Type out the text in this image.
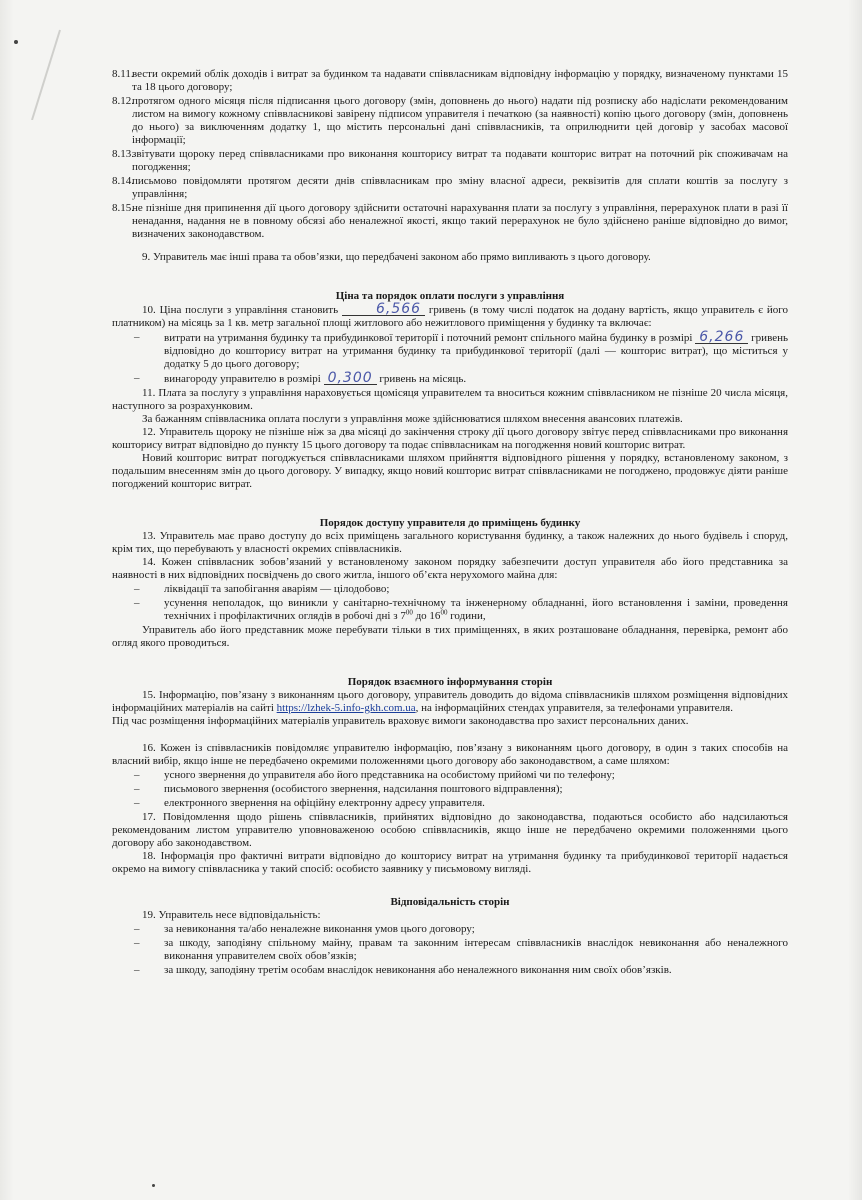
8.11.
вести окремий облік доходів і витрат за будинком та надавати співвласникам відповідну інформацію у порядку, визначеному пунктами 15 та 18 цього договору;
8.12.
протягом одного місяця після підписання цього договору (змін, доповнень до нього) надати під розписку або надіслати рекомендованим листом на вимогу кожному співвласникові завірену підписом управителя і печаткою (за наявності) копію цього договору (змін, доповнень до нього) за виключенням додатку 1, що містить персональні дані співвласників, та оприлюднити цей договір у засобах масової інформації;
8.13.
звітувати щороку перед співвласниками про виконання кошторису витрат та подавати кошторис витрат на поточний рік споживачам на погодження;
8.14.
письмово повідомляти протягом десяти днів співвласникам про зміну власної адреси, реквізитів для сплати коштів за послугу з управління;
8.15.
не пізніше дня припинення дії цього договору здійснити остаточні нарахування плати за послугу з управління, перерахунок плати в разі її ненадання, надання не в повному обсязі або неналежної якості, якщо такий перерахунок не було здійснено раніше відповідно до вимог, визначених законодавством.

9. Управитель має інші права та обов’язки, що передбачені законом або прямо випливають з цього договору.

Ціна та порядок оплати послуги з управління

10. Ціна послуги з управління становить	6,566 гривень (в тому числі податок на додану вартість, якщо управитель є його платником) на місяць за 1 кв. метр загальної площі житлового або нежитлового приміщення у будинку та включає:

– витрати на утримання будинку та прибудинкової території і поточний ремонт спільного майна будинку в розмірі 6,266 гривень відповідно до кошторису витрат на утримання будинку та прибудинкової території (далі — кошторис витрат), що міститься у додатку 5 до цього договору;
– винагороду управителю в розмірі 0,300 гривень на місяць.

11. Плата за послугу з управління нараховується щомісяця управителем та вноситься кожним співвласником не пізніше 20 числа місяця, наступного за розрахунковим.

За бажанням співвласника оплата послуги з управління може здійснюватися шляхом внесення авансових платежів.

12. Управитель щороку не пізніше ніж за два місяці до закінчення строку дії цього договору звітує перед співвласниками про виконання кошторису витрат відповідно до пункту 15 цього договору та подає співвласникам на погодження новий кошторис витрат.

Новий кошторис витрат погоджується співвласниками шляхом прийняття відповідного рішення у порядку, встановленому законом, з подальшим внесенням змін до цього договору. У випадку, якщо новий кошторис витрат співвласниками не погоджено, продовжує діяти раніше погоджений кошторис витрат.

Порядок доступу управителя до приміщень будинку

13. Управитель має право доступу до всіх приміщень загального користування будинку, а також належних до нього будівель і споруд, крім тих, що перебувають у власності окремих співвласників.

14. Кожен співвласник зобов’язаний у встановленому законом порядку забезпечити доступ управителя або його представника за наявності в них відповідних посвідчень до свого житла, іншого об’єкта нерухомого майна для:

– ліквідації та запобігання аваріям — цілодобово;
– усунення неполадок, що виникли у санітарно-технічному та інженерному обладнанні, його встановлення і заміни, проведення технічних і профілактичних оглядів в робочі дні з $7^{00}$ до $16^{00}$ години,

Управитель або його представник може перебувати тільки в тих приміщеннях, в яких розташоване обладнання, перевірка, ремонт або огляд якого проводиться.

Порядок взаємного інформування сторін

15. Інформацію, пов’язану з виконанням цього договору, управитель доводить до відома співвласників шляхом розміщення відповідних інформаційних матеріалів на сайті https://lzhek-5.info-gkh.com.ua, на інформаційних стендах управителя, за телефонами управителя.

Під час розміщення інформаційних матеріалів управитель враховує вимоги законодавства про захист персональних даних.

16. Кожен із співвласників повідомляє управителю інформацію, пов’язану з виконанням цього договору, в один з таких способів на власний вибір, якщо інше не передбачено окремими положеннями цього договору або законодавством, а саме шляхом:

– усного звернення до управителя або його представника на особистому прийомі чи по телефону;
– письмового звернення (особистого звернення, надсилання поштового відправлення);
– електронного звернення на офіційну електронну адресу управителя.

17. Повідомлення щодо рішень співвласників, прийнятих відповідно до законодавства, подаються особисто або надсилаються рекомендованим листом управителю уповноваженою особою співвласників, якщо інше не передбачено окремими положеннями цього договору або законодавством.

18. Інформація про фактичні витрати відповідно до кошторису витрат на утримання будинку та прибудинкової території надається окремо на вимогу співвласника у такий спосіб: особисто заявнику у письмовому вигляді.

Відповідальність сторін

19. Управитель несе відповідальність:

– за невиконання та/або неналежне виконання умов цього договору;
– за шкоду, заподіяну спільному майну, правам та законним інтересам співвласників внаслідок невиконання або неналежного виконання управителем своїх обов’язків;
– за шкоду, заподіяну третім особам внаслідок невиконання або неналежного виконання ним своїх обов’язків.
